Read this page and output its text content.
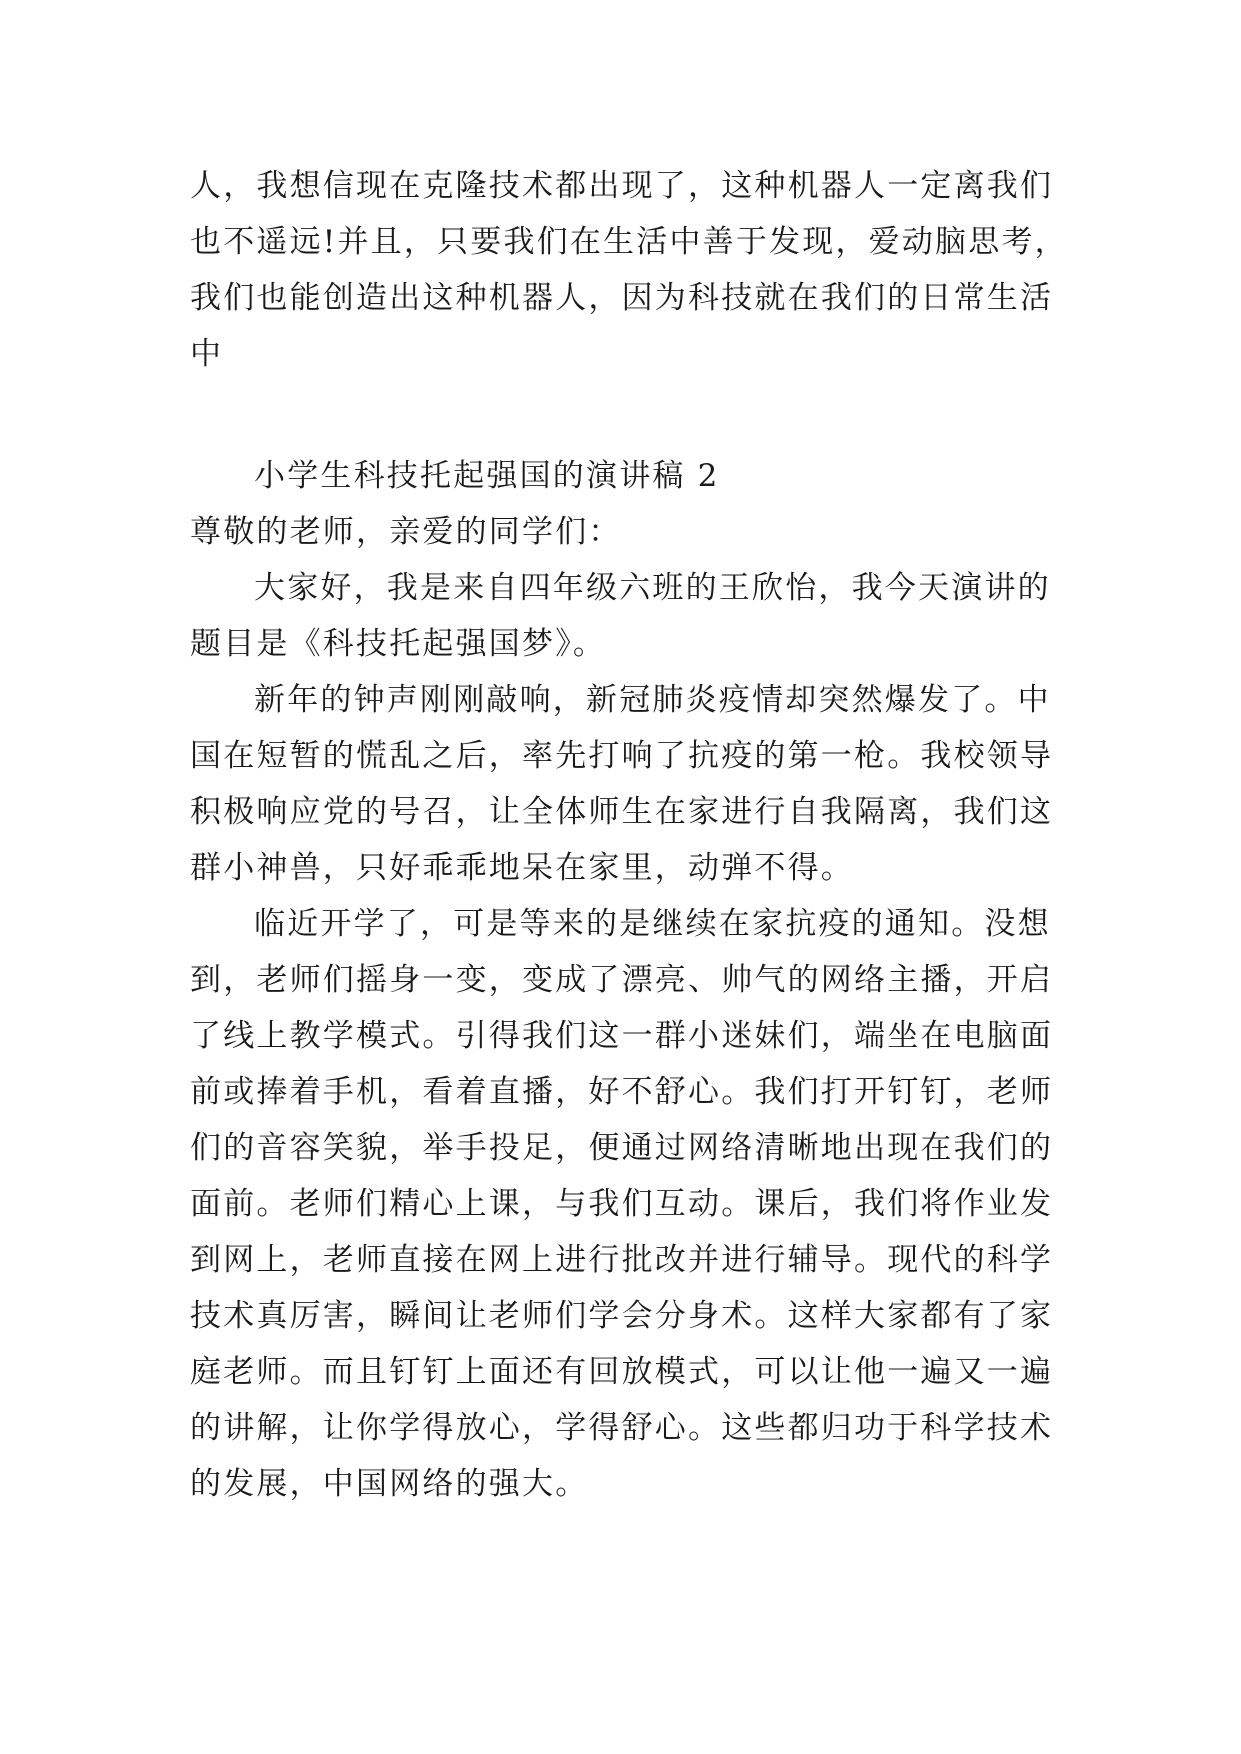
人，我想信现在克隆技术都出现了，这种机器人一定离我们
也不遥远!并且，只要我们在生活中善于发现，爱动脑思考，
我们也能创造出这种机器人，因为科技就在我们的日常生活
中
小学生科技托起强国的演讲稿 2
尊敬的老师，亲爱的同学们：
大家好，我是来自四年级六班的王欣怡，我今天演讲的
题目是《科技托起强国梦》。
新年的钟声刚刚敲响，新冠肺炎疫情却突然爆发了。中
国在短暂的慌乱之后，率先打响了抗疫的第一枪。我校领导
积极响应党的号召，让全体师生在家进行自我隔离，我们这
群小神兽，只好乖乖地呆在家里，动弹不得。
临近开学了，可是等来的是继续在家抗疫的通知。没想
到，老师们摇身一变，变成了漂亮、帅气的网络主播，开启
了线上教学模式。引得我们这一群小迷妹们，端坐在电脑面
前或捧着手机，看着直播，好不舒心。我们打开钉钉，老师
们的音容笑貌，举手投足，便通过网络清晰地出现在我们的
面前。老师们精心上课，与我们互动。课后，我们将作业发
到网上，老师直接在网上进行批改并进行辅导。现代的科学
技术真厉害，瞬间让老师们学会分身术。这样大家都有了家
庭老师。而且钉钉上面还有回放模式，可以让他一遍又一遍
的讲解，让你学得放心，学得舒心。这些都归功于科学技术
的发展，中国网络的强大。
